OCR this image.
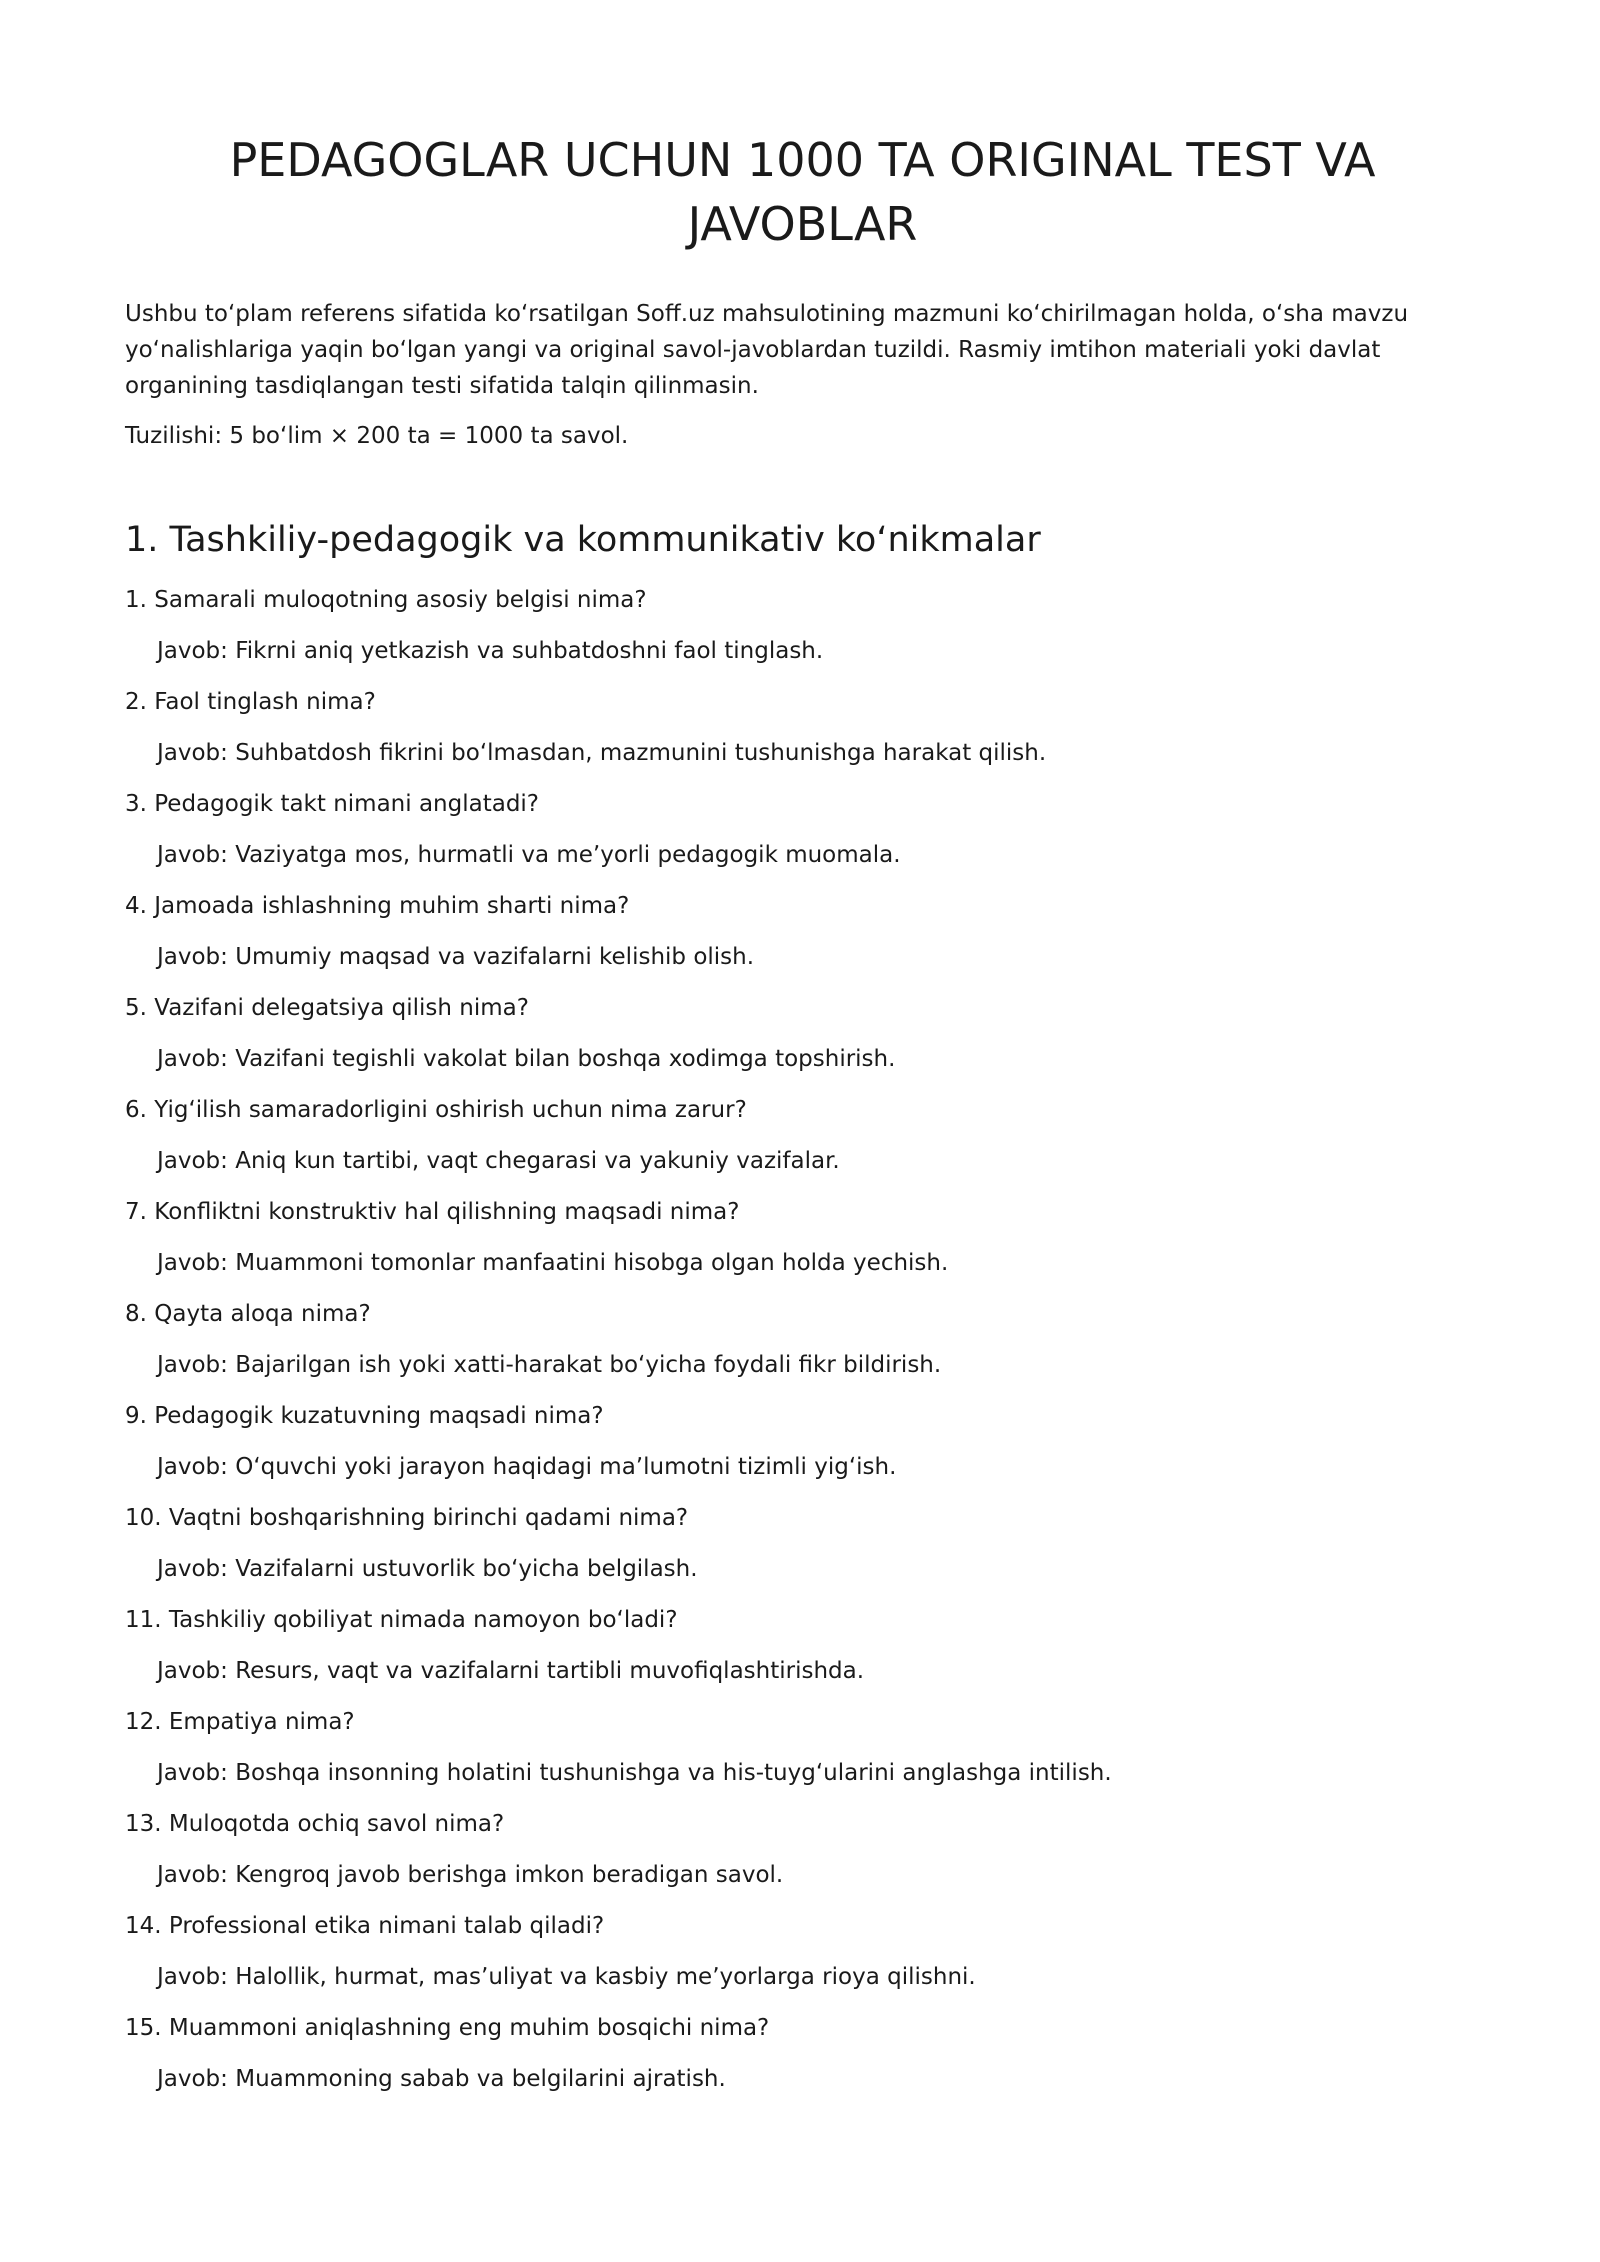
PEDAGOGLAR UCHUN 1000 TA ORIGINAL TEST VA JAVOBLAR

Ushbu toʻplam referens sifatida koʻrsatilgan Soff.uz mahsulotining mazmuni koʻchirilmagan holda, oʻsha mavzu yoʻnalishlariga yaqin boʻlgan yangi va original savol-javoblardan tuzildi. Rasmiy imtihon materiali yoki davlat organining tasdiqlangan testi sifatida talqin qilinmasin.

Tuzilishi: 5 boʻlim × 200 ta = 1000 ta savol.

1. Tashkiliy-pedagogik va kommunikativ koʻnikmalar
1. Samarali muloqotning asosiy belgisi nima?
Javob: Fikrni aniq yetkazish va suhbatdoshni faol tinglash.
2. Faol tinglash nima?
Javob: Suhbatdosh fikrini boʻlmasdan, mazmunini tushunishga harakat qilish.
3. Pedagogik takt nimani anglatadi?
Javob: Vaziyatga mos, hurmatli va meʼyorli pedagogik muomala.
4. Jamoada ishlashning muhim sharti nima?
Javob: Umumiy maqsad va vazifalarni kelishib olish.
5. Vazifani delegatsiya qilish nima?
Javob: Vazifani tegishli vakolat bilan boshqa xodimga topshirish.
6. Yigʻilish samaradorligini oshirish uchun nima zarur?
Javob: Aniq kun tartibi, vaqt chegarasi va yakuniy vazifalar.
7. Konfliktni konstruktiv hal qilishning maqsadi nima?
Javob: Muammoni tomonlar manfaatini hisobga olgan holda yechish.
8. Qayta aloqa nima?
Javob: Bajarilgan ish yoki xatti-harakat boʻyicha foydali fikr bildirish.
9. Pedagogik kuzatuvning maqsadi nima?
Javob: Oʻquvchi yoki jarayon haqidagi maʼlumotni tizimli yigʻish.
10. Vaqtni boshqarishning birinchi qadami nima?
Javob: Vazifalarni ustuvorlik boʻyicha belgilash.
11. Tashkiliy qobiliyat nimada namoyon boʻladi?
Javob: Resurs, vaqt va vazifalarni tartibli muvofiqlashtirishda.
12. Empatiya nima?
Javob: Boshqa insonning holatini tushunishga va his-tuygʻularini anglashga intilish.
13. Muloqotda ochiq savol nima?
Javob: Kengroq javob berishga imkon beradigan savol.
14. Professional etika nimani talab qiladi?
Javob: Halollik, hurmat, masʼuliyat va kasbiy meʼyorlarga rioya qilishni.
15. Muammoni aniqlashning eng muhim bosqichi nima?
Javob: Muammoning sabab va belgilarini ajratish.
